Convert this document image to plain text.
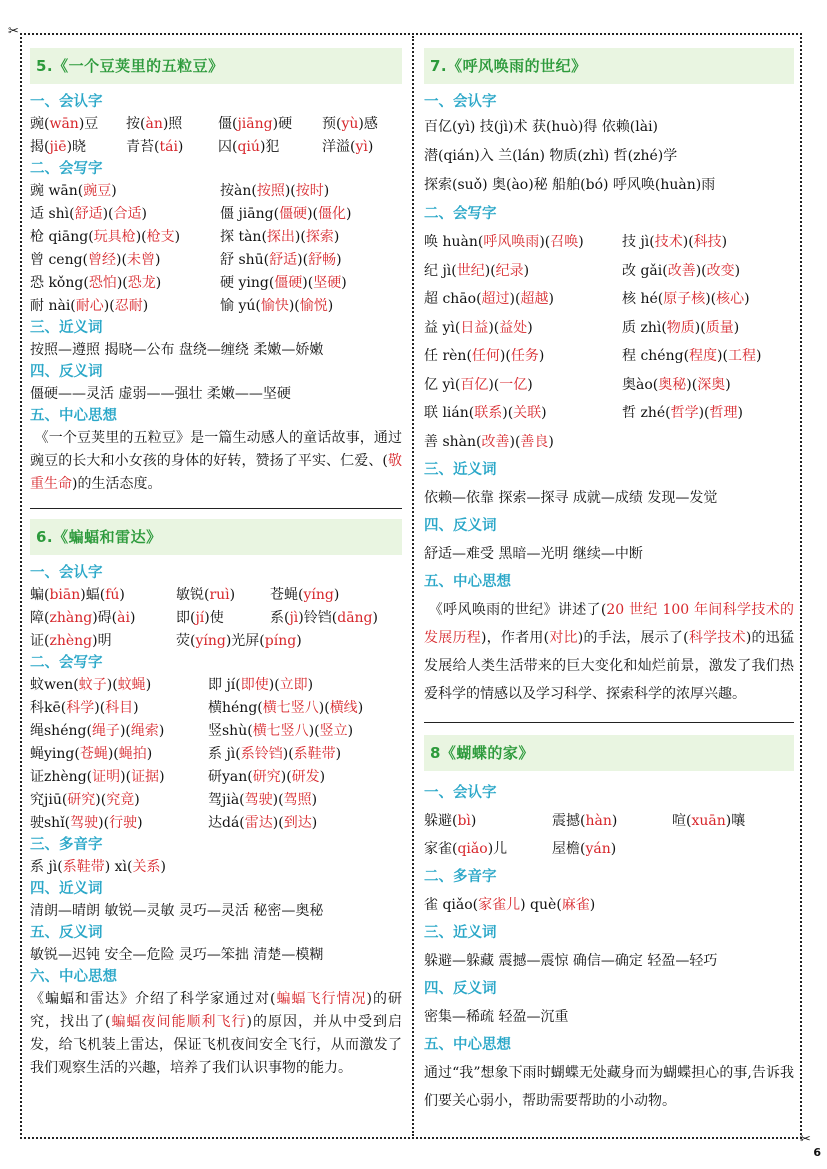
✂
✂
6
5.《一个豆荚里的五粒豆》
一、会认字
豌(wān)豆 按(àn)照	僵(jiāng)硬 预(yù)感
揭(jiē)晓	青苔(tái) 囚(qiú)犯	洋溢(yì)
二、会写字
豌 wān(豌豆)	按àn(按照)(按时)
适 shì(舒适)(合适)	僵 jiāng(僵硬)(僵化)
枪 qiāng(玩具枪)(枪支)	探 tàn(探出)(探索)
曾 ceng(曾经)(未曾)	舒 shū(舒适)(舒畅)
恐 kǒng(恐怕)(恐龙)	硬 ying(僵硬)(坚硬)
耐 nài(耐心)(忍耐)	愉 yú(愉快)(愉悦)
三、近义词
按照—遵照 揭晓—公布 盘绕—缠绕 柔嫩—娇嫩
四、反义词
僵硬——灵活 虚弱——强壮 柔嫩——坚硬
五、中心思想
《一个豆荚里的五粒豆》是一篇生动感人的童话故事，通过豌豆的长大和小女孩的身体的好转，赞扬了平实、仁爱、(敬重生命)的生活态度。
6.《蝙蝠和雷达》
一、会认字
蝙(biān)蝠(fú)	敏锐(ruì) 苍蝇(yíng)
障(zhàng)碍(ài)	即(jí)使	系(jì)铃铛(dāng)
证(zhèng)明	荧(yíng)光屏(píng)
二、会写字
蚊wen(蚊子)(蚊蝇)	即 jí(即使)(立即)
科kē(科学)(科目)	横héng(横七竖八)(横线)
绳shéng(绳子)(绳索)	竖shù(横七竖八)(竖立)
蝇ying(苍蝇)(蝇拍)	系 jì(系铃铛)(系鞋带)
证zhèng(证明)(证据)	研yan(研究)(研发)
究jiū(研究)(究竟)	驾jià(驾驶)(驾照)
驶shǐ(驾驶)(行驶)	达dá(雷达)(到达)
三、多音字
系 jì(系鞋带) xì(关系)
四、近义词
清朗—晴朗 敏锐—灵敏 灵巧—灵活 秘密—奥秘
五、反义词
敏锐—迟钝 安全—危险 灵巧—笨拙 清楚—模糊
六、中心思想
《蝙蝠和雷达》介绍了科学家通过对(蝙蝠飞行情况)的研究，找出了(蝙蝠夜间能顺利飞行)的原因，并从中受到启发，给飞机装上雷达，保证飞机夜间安全飞行，从而激发了我们观察生活的兴趣，培养了我们认识事物的能力。
7.《呼风唤雨的世纪》
一、会认字
百亿(yì) 技(jì)术 获(huò)得 依赖(lài)
潜(qián)入 兰(lán) 物质(zhì) 哲(zhé)学
探索(suǒ) 奥(ào)秘 船舶(bó) 呼风唤(huàn)雨
二、会写字
唤 huàn(呼风唤雨)(召唤)	技 jì(技术)(科技)
纪 jì(世纪)(纪录)	改 gǎi(改善)(改变)
超 chāo(超过)(超越)	核 hé(原子核)(核心)
益 yì(日益)(益处)	质 zhì(物质)(质量)
任 rèn(任何)(任务)	程 chéng(程度)(工程)
亿 yì(百亿)(一亿)	奥ào(奥秘)(深奥)
联 lián(联系)(关联)	哲 zhé(哲学)(哲理)
善 shàn(改善)(善良)
三、近义词
依赖—依靠 探索—探寻 成就—成绩 发现—发觉
四、反义词
舒适—难受 黑暗—光明 继续—中断
五、中心思想
《呼风唤雨的世纪》讲述了(20 世纪 100 年间科学技术的发展历程)，作者用(对比)的手法，展示了(科学技术)的迅猛发展给人类生活带来的巨大变化和灿烂前景，激发了我们热爱科学的情感以及学习科学、探索科学的浓厚兴趣。
8《蝴蝶的家》
一、会认字
躲避(bì)	震撼(hàn)	喧(xuān)嚷
家雀(qiǎo)儿	屋檐(yán)
二、多音字
雀 qiǎo(家雀儿) què(麻雀)
三、近义词
躲避—躲藏 震撼—震惊 确信—确定 轻盈—轻巧
四、反义词
密集—稀疏 轻盈—沉重
五、中心思想
通过“我”想象下雨时蝴蝶无处藏身而为蝴蝶担心的事,告诉我们要关心弱小，帮助需要帮助的小动物。
